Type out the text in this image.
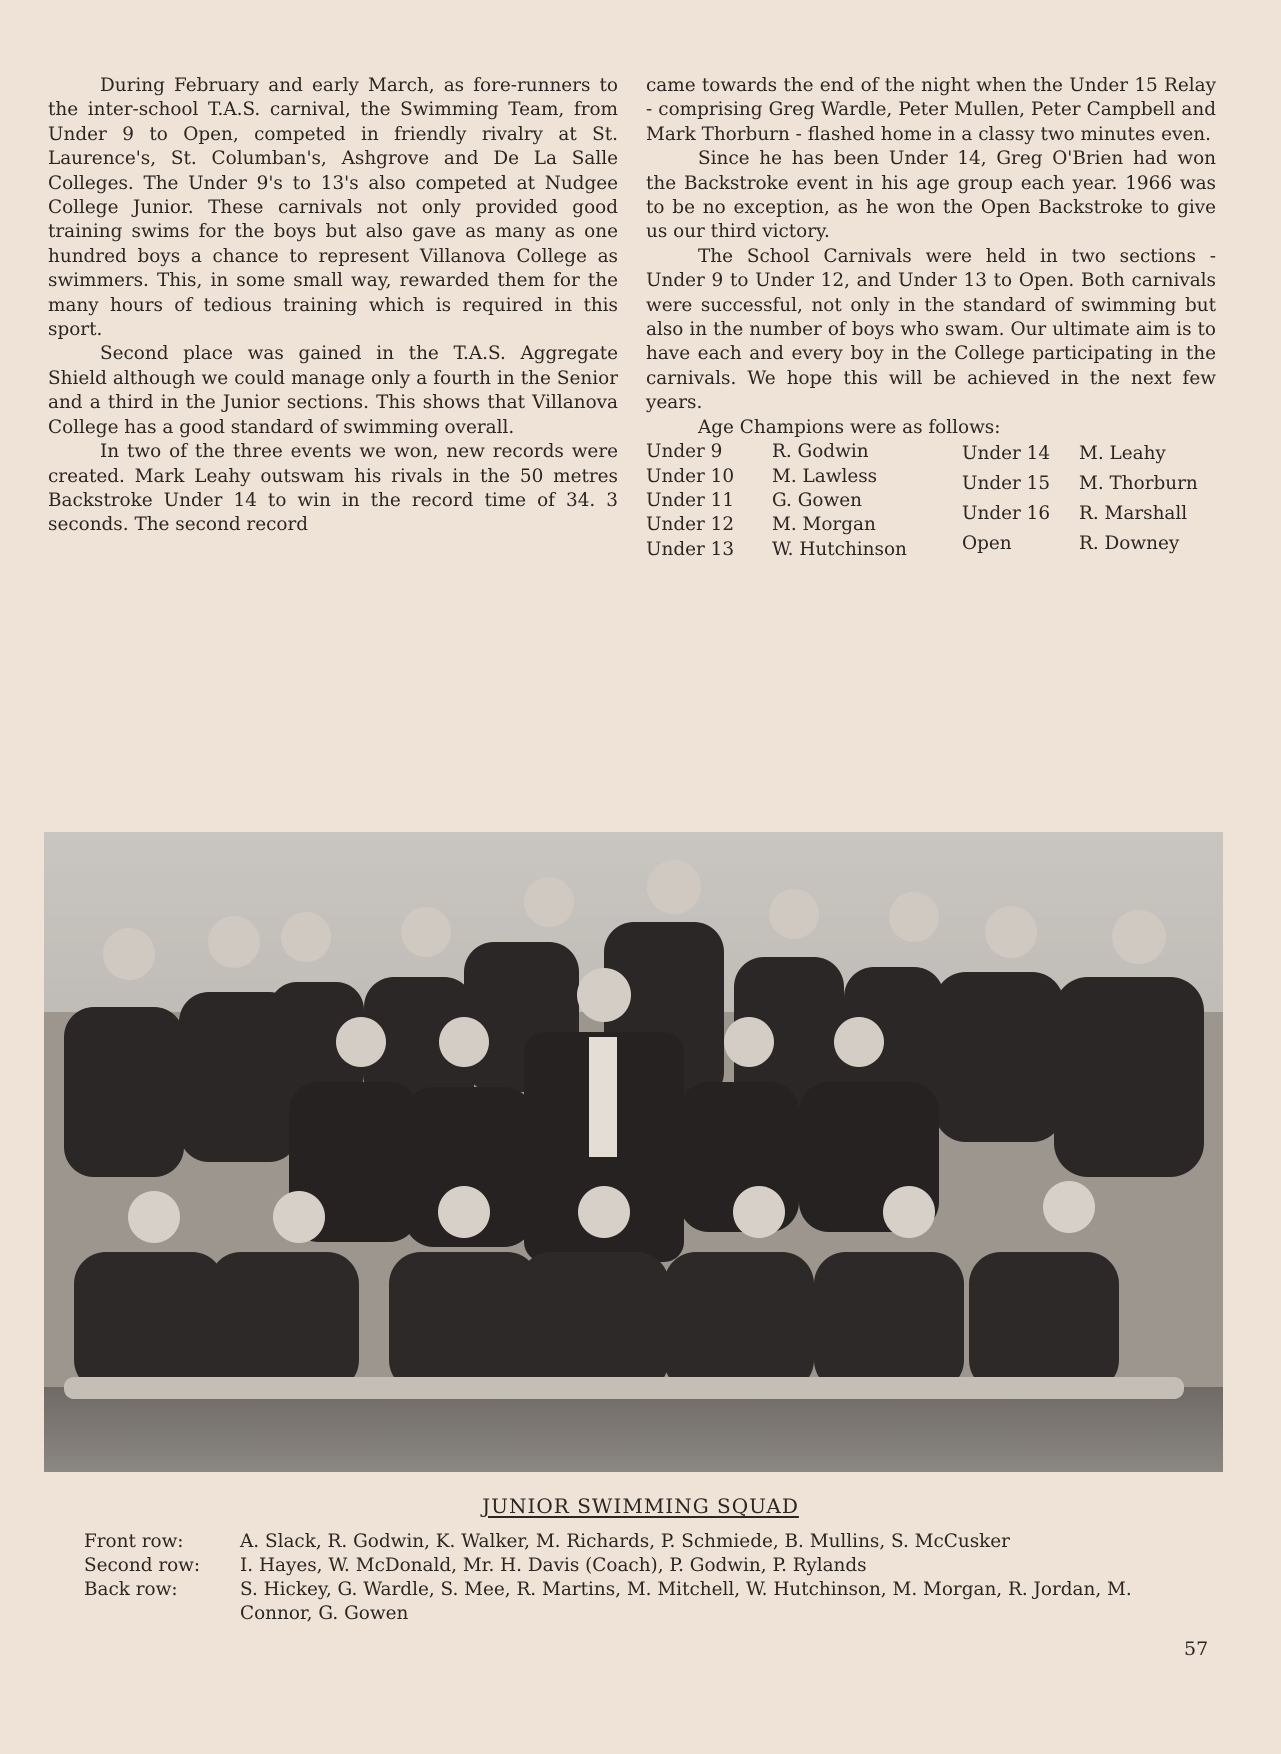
During February and early March, as fore-runners to the inter-school T.A.S. carnival, the Swimming Team, from Under 9 to Open, competed in friendly rivalry at St. Laurence's, St. Columban's, Ashgrove and De La Salle Colleges. The Under 9's to 13's also competed at Nudgee College Junior. These carnivals not only provided good training swims for the boys but also gave as many as one hundred boys a chance to represent Villanova College as swimmers. This, in some small way, rewarded them for the many hours of tedious training which is required in this sport.

Second place was gained in the T.A.S. Aggregate Shield although we could manage only a fourth in the Senior and a third in the Junior sections. This shows that Villanova College has a good standard of swimming overall.

In two of the three events we won, new records were created. Mark Leahy outswam his rivals in the 50 metres Backstroke Under 14 to win in the record time of 34. 3 seconds. The second record

came towards the end of the night when the Under 15 Relay - comprising Greg Wardle, Peter Mullen, Peter Campbell and Mark Thorburn - flashed home in a classy two minutes even.

Since he has been Under 14, Greg O'Brien had won the Backstroke event in his age group each year. 1966 was to be no exception, as he won the Open Backstroke to give us our third victory.

The School Carnivals were held in two sections - Under 9 to Under 12, and Under 13 to Open. Both carnivals were successful, not only in the standard of swimming but also in the number of boys who swam. Our ultimate aim is to have each and every boy in the College participating in the carnivals. We hope this will be achieved in the next few years.

Age Champions were as follows:

Under 9	R. Godwin
Under 10	M. Lawless
Under 11	G. Gowen
Under 12	M. Morgan
Under 13	W. Hutchinson
Under 14	M. Leahy
Under 15	M. Thorburn
Under 16	R. Marshall
Open	R. Downey
JUNIOR SWIMMING SQUAD
Front row:	A. Slack, R. Godwin, K. Walker, M. Richards, P. Schmiede, B. Mullins, S. McCusker
Second row:	I. Hayes, W. McDonald, Mr. H. Davis (Coach), P. Godwin, P. Rylands
Back row:	S. Hickey, G. Wardle, S. Mee, R. Martins, M. Mitchell, W. Hutchinson, M. Morgan, R. Jordan, M. Connor, G. Gowen
57
